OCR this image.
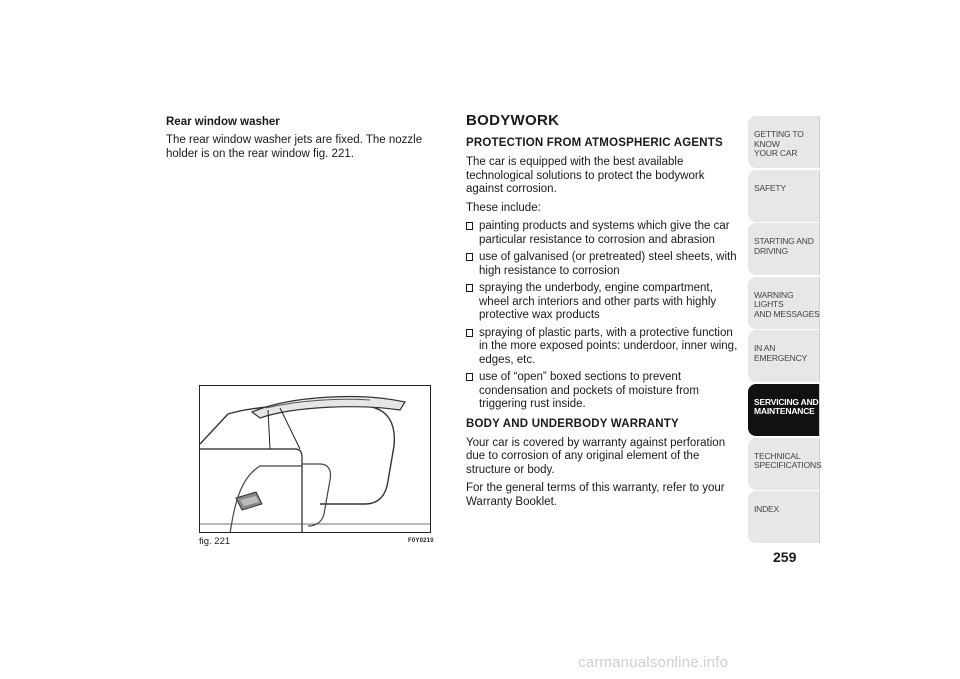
Rear window washer
The rear window washer jets are fixed. The nozzle holder is on the rear window fig. 221.
fig. 221	F0Y0210
BODYWORK
PROTECTION FROM ATMOSPHERIC AGENTS
The car is equipped with the best available technological solutions to protect the bodywork against corrosion.
These include:
painting products and systems which give the car particular resistance to corrosion and abrasion
use of galvanised (or pretreated) steel sheets, with high resistance to corrosion
spraying the underbody, engine compartment, wheel arch interiors and other parts with highly protective wax products
spraying of plastic parts, with a protective function in the more exposed points: underdoor, inner wing, edges, etc.
use of “open” boxed sections to prevent condensation and pockets of moisture from triggering rust inside.
BODY AND UNDERBODY WARRANTY
Your car is covered by warranty against perforation due to corrosion of any original element of the structure or body.
For the general terms of this warranty, refer to your Warranty Booklet.
GETTING TO KNOW
YOUR CAR
SAFETY

STARTING AND
DRIVING
WARNING LIGHTS
AND MESSAGES
IN AN EMERGENCY

SERVICING AND
MAINTENANCE
TECHNICAL
SPECIFICATIONS
INDEX

259
carmanualsonline.info
